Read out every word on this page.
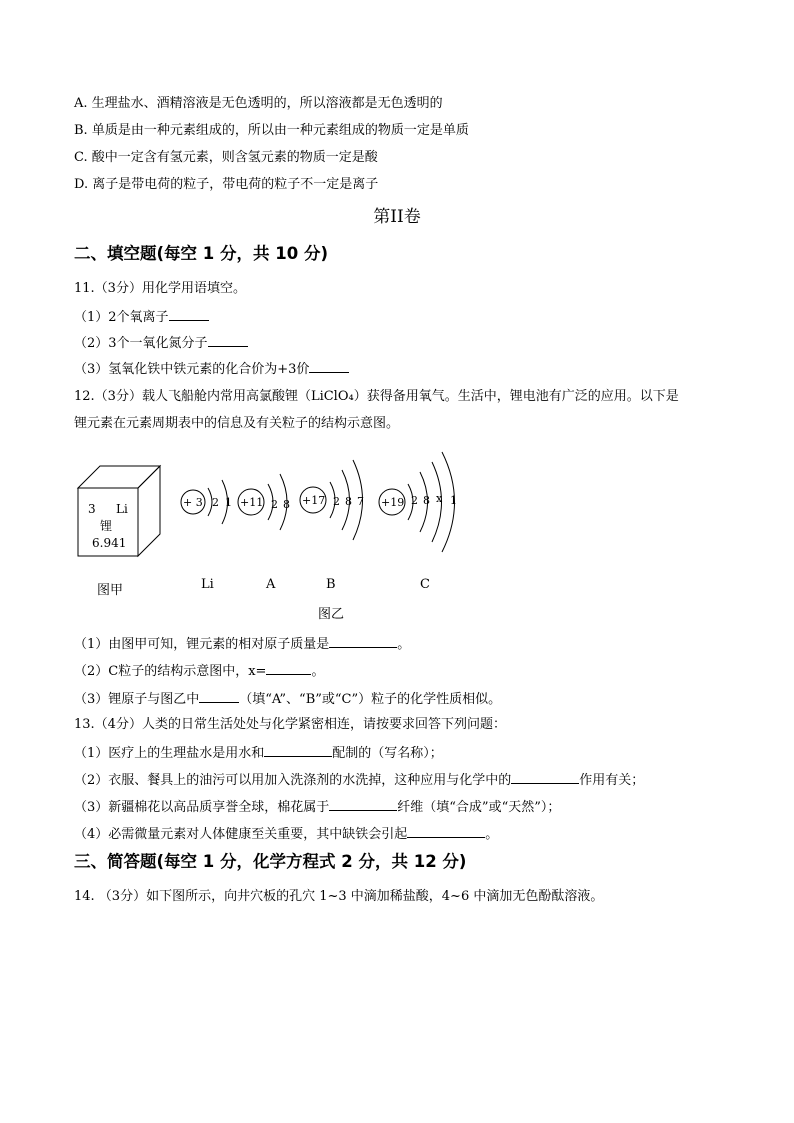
A. 生理盐水、酒精溶液是无色透明的，所以溶液都是无色透明的
B. 单质是由一种元素组成的，所以由一种元素组成的物质一定是单质
C. 酸中一定含有氢元素，则含氢元素的物质一定是酸
D. 离子是带电荷的粒子，带电荷的粒子不一定是离子
第II卷
二、填空题(每空 1 分，共 10 分)
11.（3分）用化学用语填空。
（1）2个氧离子
（2）3个一氧化氮分子
（3）氢氧化铁中铁元素的化合价为+3价
12.（3分）载人飞船舱内常用高氯酸锂（LiClO₄）获得备用氧气。生活中，锂电池有广泛的应用。以下是
锂元素在元素周期表中的信息及有关粒子的结构示意图。
3 Li
锂
6.941
+ 3 2 1 +11 2 8 +17 2 8 7 +19 2 8 x 1
图甲	Li	A	B	C
图乙
（1）由图甲可知，锂元素的相对原子质量是	。
（2）C粒子的结构示意图中，x=	。
（3）锂原子与图乙中	（填“A”、“B”或“C”）粒子的化学性质相似。
13.（4分）人类的日常生活处处与化学紧密相连，请按要求回答下列问题：
（1）医疗上的生理盐水是用水和	配制的（写名称）；
（2）衣服、餐具上的油污可以用加入洗涤剂的水洗掉，这种应用与化学中的	作用有关；
（3）新疆棉花以高品质享誉全球，棉花属于	纤维（填“合成”或“天然”）；
（4）必需微量元素对人体健康至关重要，其中缺铁会引起	。
三、简答题(每空 1 分，化学方程式 2 分，共 12 分)
14. （3分）如下图所示，向井穴板的孔穴 1~3 中滴加稀盐酸，4~6 中滴加无色酚酞溶液。
